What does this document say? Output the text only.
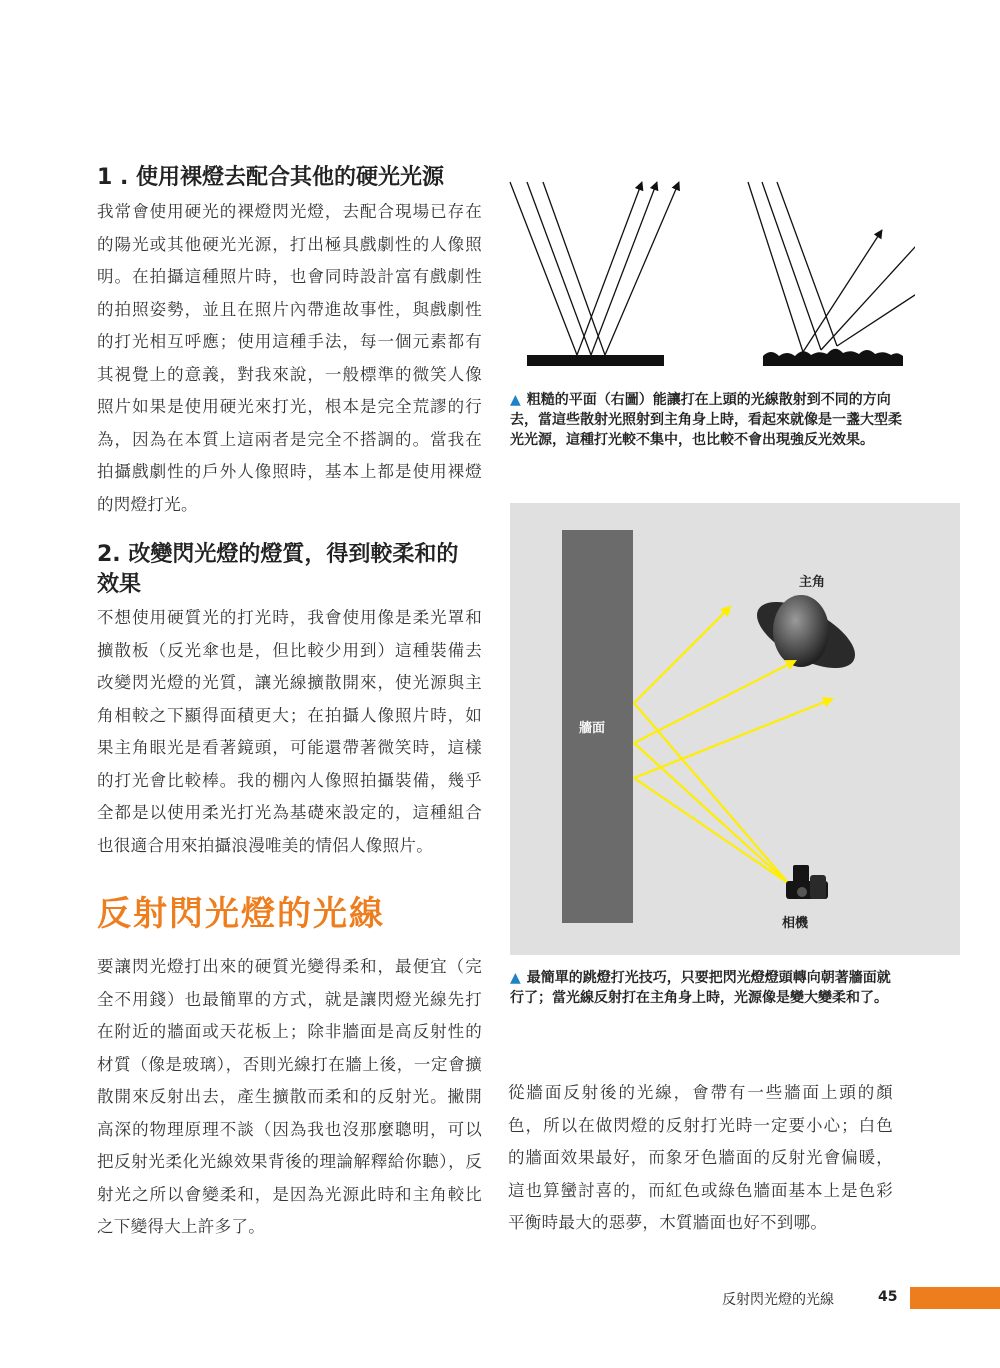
1 . 使用裸燈去配合其他的硬光光源

我常會使用硬光的裸燈閃光燈，去配合現場已存在的陽光或其他硬光光源，打出極具戲劇性的人像照明。在拍攝這種照片時，也會同時設計富有戲劇性的拍照姿勢，並且在照片內帶進故事性，與戲劇性的打光相互呼應；使用這種手法，每一個元素都有其視覺上的意義，對我來說，一般標準的微笑人像照片如果是使用硬光來打光，根本是完全荒謬的行為，因為在本質上這兩者是完全不搭調的。當我在拍攝戲劇性的戶外人像照時，基本上都是使用裸燈的閃燈打光。

2. 改變閃光燈的燈質，得到較柔和的
效果

不想使用硬質光的打光時，我會使用像是柔光罩和擴散板（反光傘也是，但比較少用到）這種裝備去改變閃光燈的光質，讓光線擴散開來，使光源與主角相較之下顯得面積更大；在拍攝人像照片時，如果主角眼光是看著鏡頭，可能還帶著微笑時，這樣的打光會比較棒。我的棚內人像照拍攝裝備，幾乎全都是以使用柔光打光為基礎來設定的，這種組合也很適合用來拍攝浪漫唯美的情侶人像照片。

反射閃光燈的光線

要讓閃光燈打出來的硬質光變得柔和，最便宜（完全不用錢）也最簡單的方式，就是讓閃燈光線先打在附近的牆面或天花板上；除非牆面是高反射性的材質（像是玻璃），否則光線打在牆上後，一定會擴散開來反射出去，產生擴散而柔和的反射光。撇開高深的物理原理不談（因為我也沒那麼聰明，可以把反射光柔化光線效果背後的理論解釋給你聽），反射光之所以會變柔和，是因為光源此時和主角較比之下變得大上許多了。

▲ 粗糙的平面（右圖）能讓打在上頭的光線散射到不同的方向去，當這些散射光照射到主角身上時，看起來就像是一盞大型柔光光源，這種打光較不集中，也比較不會出現強反光效果。

牆面
主角
相機

▲ 最簡單的跳燈打光技巧，只要把閃光燈燈頭轉向朝著牆面就行了；當光線反射打在主角身上時，光源像是變大變柔和了。

從牆面反射後的光線，會帶有一些牆面上頭的顏色，所以在做閃燈的反射打光時一定要小心；白色的牆面效果最好，而象牙色牆面的反射光會偏暖，這也算蠻討喜的，而紅色或綠色牆面基本上是色彩平衡時最大的惡夢，木質牆面也好不到哪。

反射閃光燈的光線	45
